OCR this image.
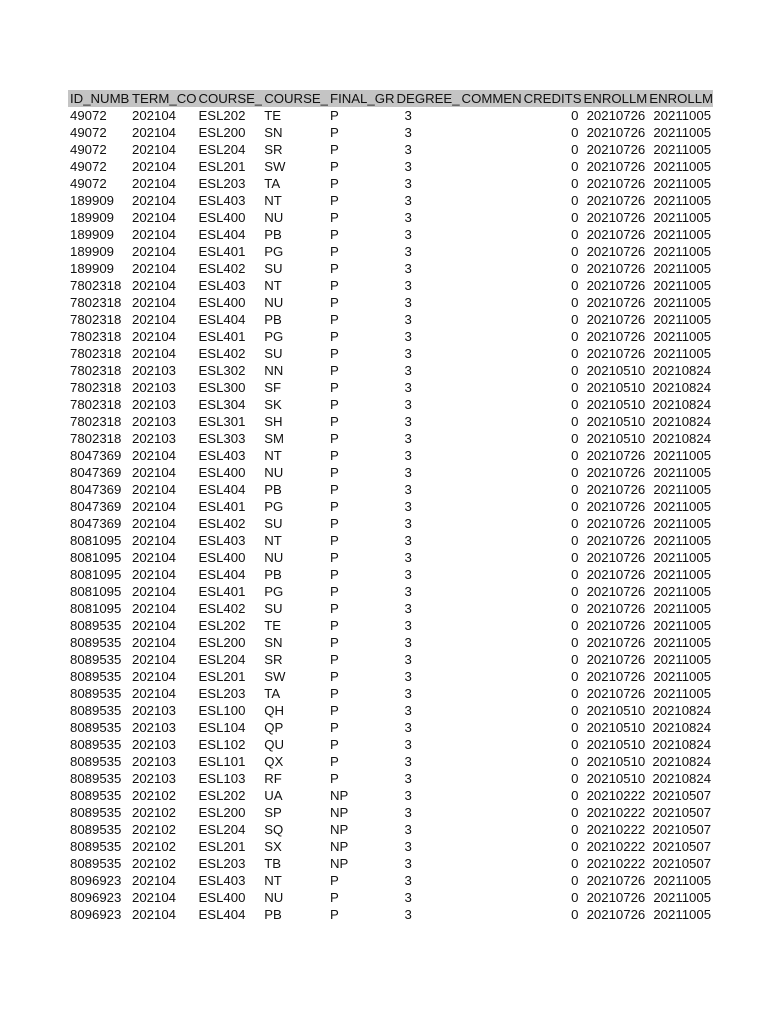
ID_NUMB	TERM_CO	COURSE_	COURSE_	FINAL_GR	DEGREE_	COMMEN	CREDITS	ENROLLM	ENROLLM
49072	202104	ESL202	TE	P	3		0	20210726	20211005
49072	202104	ESL200	SN	P	3		0	20210726	20211005
49072	202104	ESL204	SR	P	3		0	20210726	20211005
49072	202104	ESL201	SW	P	3		0	20210726	20211005
49072	202104	ESL203	TA	P	3		0	20210726	20211005
189909	202104	ESL403	NT	P	3		0	20210726	20211005
189909	202104	ESL400	NU	P	3		0	20210726	20211005
189909	202104	ESL404	PB	P	3		0	20210726	20211005
189909	202104	ESL401	PG	P	3		0	20210726	20211005
189909	202104	ESL402	SU	P	3		0	20210726	20211005
7802318	202104	ESL403	NT	P	3		0	20210726	20211005
7802318	202104	ESL400	NU	P	3		0	20210726	20211005
7802318	202104	ESL404	PB	P	3		0	20210726	20211005
7802318	202104	ESL401	PG	P	3		0	20210726	20211005
7802318	202104	ESL402	SU	P	3		0	20210726	20211005
7802318	202103	ESL302	NN	P	3		0	20210510	20210824
7802318	202103	ESL300	SF	P	3		0	20210510	20210824
7802318	202103	ESL304	SK	P	3		0	20210510	20210824
7802318	202103	ESL301	SH	P	3		0	20210510	20210824
7802318	202103	ESL303	SM	P	3		0	20210510	20210824
8047369	202104	ESL403	NT	P	3		0	20210726	20211005
8047369	202104	ESL400	NU	P	3		0	20210726	20211005
8047369	202104	ESL404	PB	P	3		0	20210726	20211005
8047369	202104	ESL401	PG	P	3		0	20210726	20211005
8047369	202104	ESL402	SU	P	3		0	20210726	20211005
8081095	202104	ESL403	NT	P	3		0	20210726	20211005
8081095	202104	ESL400	NU	P	3		0	20210726	20211005
8081095	202104	ESL404	PB	P	3		0	20210726	20211005
8081095	202104	ESL401	PG	P	3		0	20210726	20211005
8081095	202104	ESL402	SU	P	3		0	20210726	20211005
8089535	202104	ESL202	TE	P	3		0	20210726	20211005
8089535	202104	ESL200	SN	P	3		0	20210726	20211005
8089535	202104	ESL204	SR	P	3		0	20210726	20211005
8089535	202104	ESL201	SW	P	3		0	20210726	20211005
8089535	202104	ESL203	TA	P	3		0	20210726	20211005
8089535	202103	ESL100	QH	P	3		0	20210510	20210824
8089535	202103	ESL104	QP	P	3		0	20210510	20210824
8089535	202103	ESL102	QU	P	3		0	20210510	20210824
8089535	202103	ESL101	QX	P	3		0	20210510	20210824
8089535	202103	ESL103	RF	P	3		0	20210510	20210824
8089535	202102	ESL202	UA	NP	3		0	20210222	20210507
8089535	202102	ESL200	SP	NP	3		0	20210222	20210507
8089535	202102	ESL204	SQ	NP	3		0	20210222	20210507
8089535	202102	ESL201	SX	NP	3		0	20210222	20210507
8089535	202102	ESL203	TB	NP	3		0	20210222	20210507
8096923	202104	ESL403	NT	P	3		0	20210726	20211005
8096923	202104	ESL400	NU	P	3		0	20210726	20211005
8096923	202104	ESL404	PB	P	3		0	20210726	20211005
